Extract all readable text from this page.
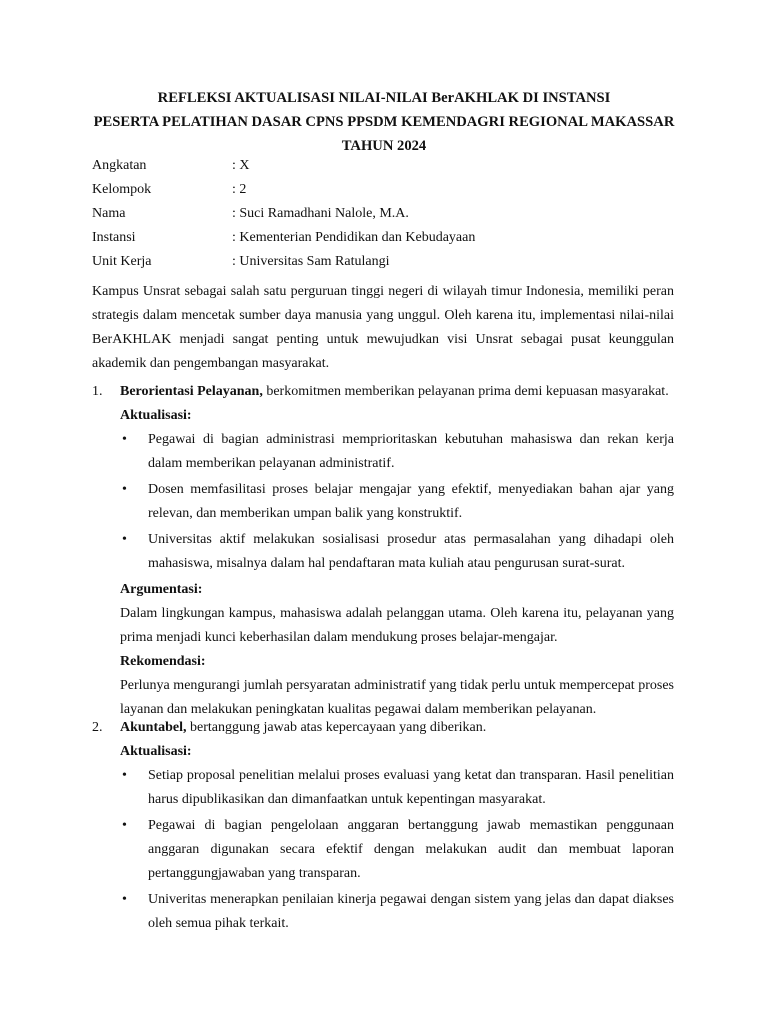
REFLEKSI AKTUALISASI NILAI-NILAI BerAKHLAK DI INSTANSI
PESERTA PELATIHAN DASAR CPNS PPSDM KEMENDAGRI REGIONAL MAKASSAR
TAHUN 2024
Angkatan	: X
Kelompok	: 2
Nama	: Suci Ramadhani Nalole, M.A.
Instansi	: Kementerian Pendidikan dan Kebudayaan
Unit Kerja	: Universitas Sam Ratulangi
Kampus Unsrat sebagai salah satu perguruan tinggi negeri di wilayah timur Indonesia, memiliki peran strategis dalam mencetak sumber daya manusia yang unggul. Oleh karena itu, implementasi nilai-nilai BerAKHLAK menjadi sangat penting untuk mewujudkan visi Unsrat sebagai pusat keunggulan akademik dan pengembangan masyarakat.
1.	Berorientasi Pelayanan, berkomitmen memberikan pelayanan prima demi kepuasan masyarakat.
Aktualisasi:
•	Pegawai di bagian administrasi memprioritaskan kebutuhan mahasiswa dan rekan kerja dalam memberikan pelayanan administratif.
•	Dosen memfasilitasi proses belajar mengajar yang efektif, menyediakan bahan ajar yang relevan, dan memberikan umpan balik yang konstruktif.
•	Universitas aktif melakukan sosialisasi prosedur atas permasalahan yang dihadapi oleh mahasiswa, misalnya dalam hal pendaftaran mata kuliah atau pengurusan surat-surat.
Argumentasi:
Dalam lingkungan kampus, mahasiswa adalah pelanggan utama. Oleh karena itu, pelayanan yang prima menjadi kunci keberhasilan dalam mendukung proses belajar-mengajar.
Rekomendasi:
Perlunya mengurangi jumlah persyaratan administratif yang tidak perlu untuk mempercepat proses layanan dan melakukan peningkatan kualitas pegawai dalam memberikan pelayanan.
2.	Akuntabel, bertanggung jawab atas kepercayaan yang diberikan.
Aktualisasi:
•	Setiap proposal penelitian melalui proses evaluasi yang ketat dan transparan. Hasil penelitian harus dipublikasikan dan dimanfaatkan untuk kepentingan masyarakat.
•	Pegawai di bagian pengelolaan anggaran bertanggung jawab memastikan penggunaan anggaran digunakan secara efektif dengan melakukan audit dan membuat laporan pertanggungjawaban yang transparan.
•	Univeritas menerapkan penilaian kinerja pegawai dengan sistem yang jelas dan dapat diakses oleh semua pihak terkait.
